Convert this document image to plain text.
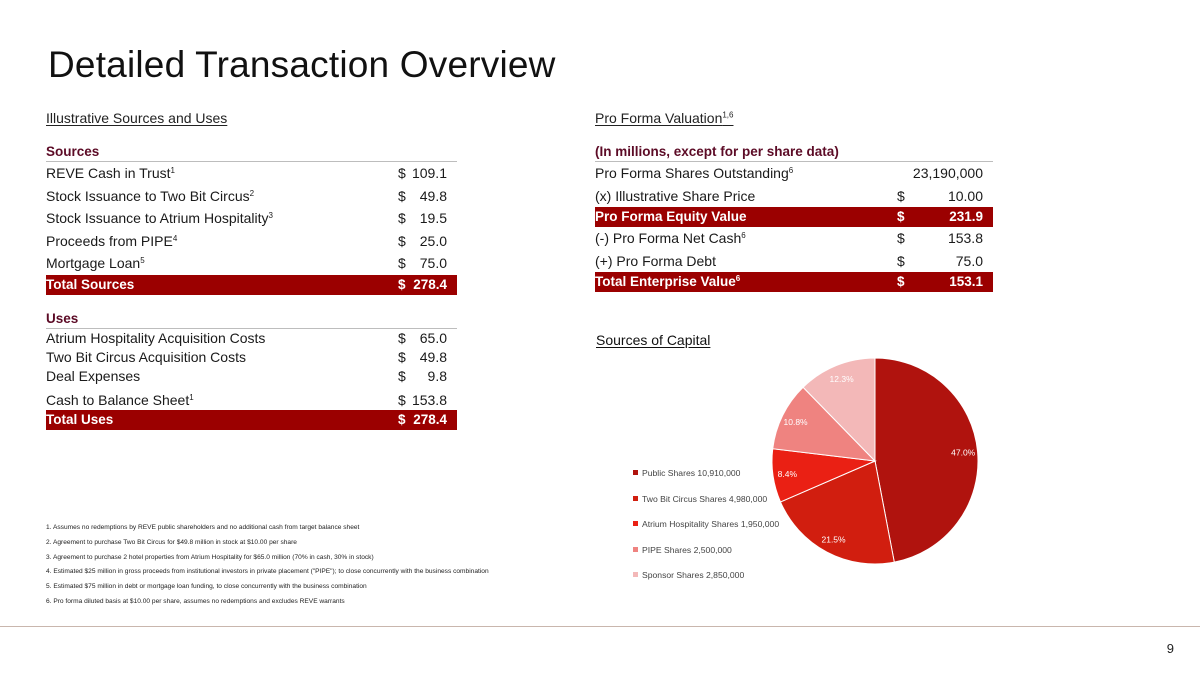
Detailed Transaction Overview
Illustrative Sources and Uses
Sources
REVE Cash in Trust$^1$	$ 109.1
Stock Issuance to Two Bit Circus$^2$	$ 49.8
Stock Issuance to Atrium Hospitality$^3$	$ 19.5
Proceeds from PIPE$^4$	$ 25.0
Mortgage Loan$^5$	$ 75.0
Total Sources	$ 278.4
Uses
Atrium Hospitality Acquisition Costs	$ 65.0
Two Bit Circus Acquisition Costs	$ 49.8
Deal Expenses	$ 9.8
Cash to Balance Sheet$^1$	$ 153.8
Total Uses	$ 278.4
Pro Forma Valuation$^{1,6}$
(In millions, except for per share data)
Pro Forma Shares Outstanding$^6$	23,190,000
(x) Illustrative Share Price	$	10.00
Pro Forma Equity Value	$	231.9
(-) Pro Forma Net Cash$^6$	$	153.8
(+) Pro Forma Debt	$	75.0
Total Enterprise Value$^6$	$	153.1
Sources of Capital
47.0%
21.5%
8.4%
10.8%
12.3%
Public Shares 10,910,000
Two Bit Circus Shares 4,980,000
Atrium Hospitality Shares 1,950,000
PIPE Shares 2,500,000
Sponsor Shares 2,850,000
1. Assumes no redemptions by REVE public shareholders and no additional cash from target balance sheet
2. Agreement to purchase Two Bit Circus for $49.8 million in stock at $10.00 per share
3. Agreement to purchase 2 hotel properties from Atrium Hospitality for $65.0 million (70% in cash, 30% in stock)
4. Estimated $25 million in gross proceeds from institutional investors in private placement ("PIPE"); to close concurrently with the business combination
5. Estimated $75 million in debt or mortgage loan funding, to close concurrently with the business combination
6. Pro forma diluted basis at $10.00 per share, assumes no redemptions and excludes REVE warrants
9
